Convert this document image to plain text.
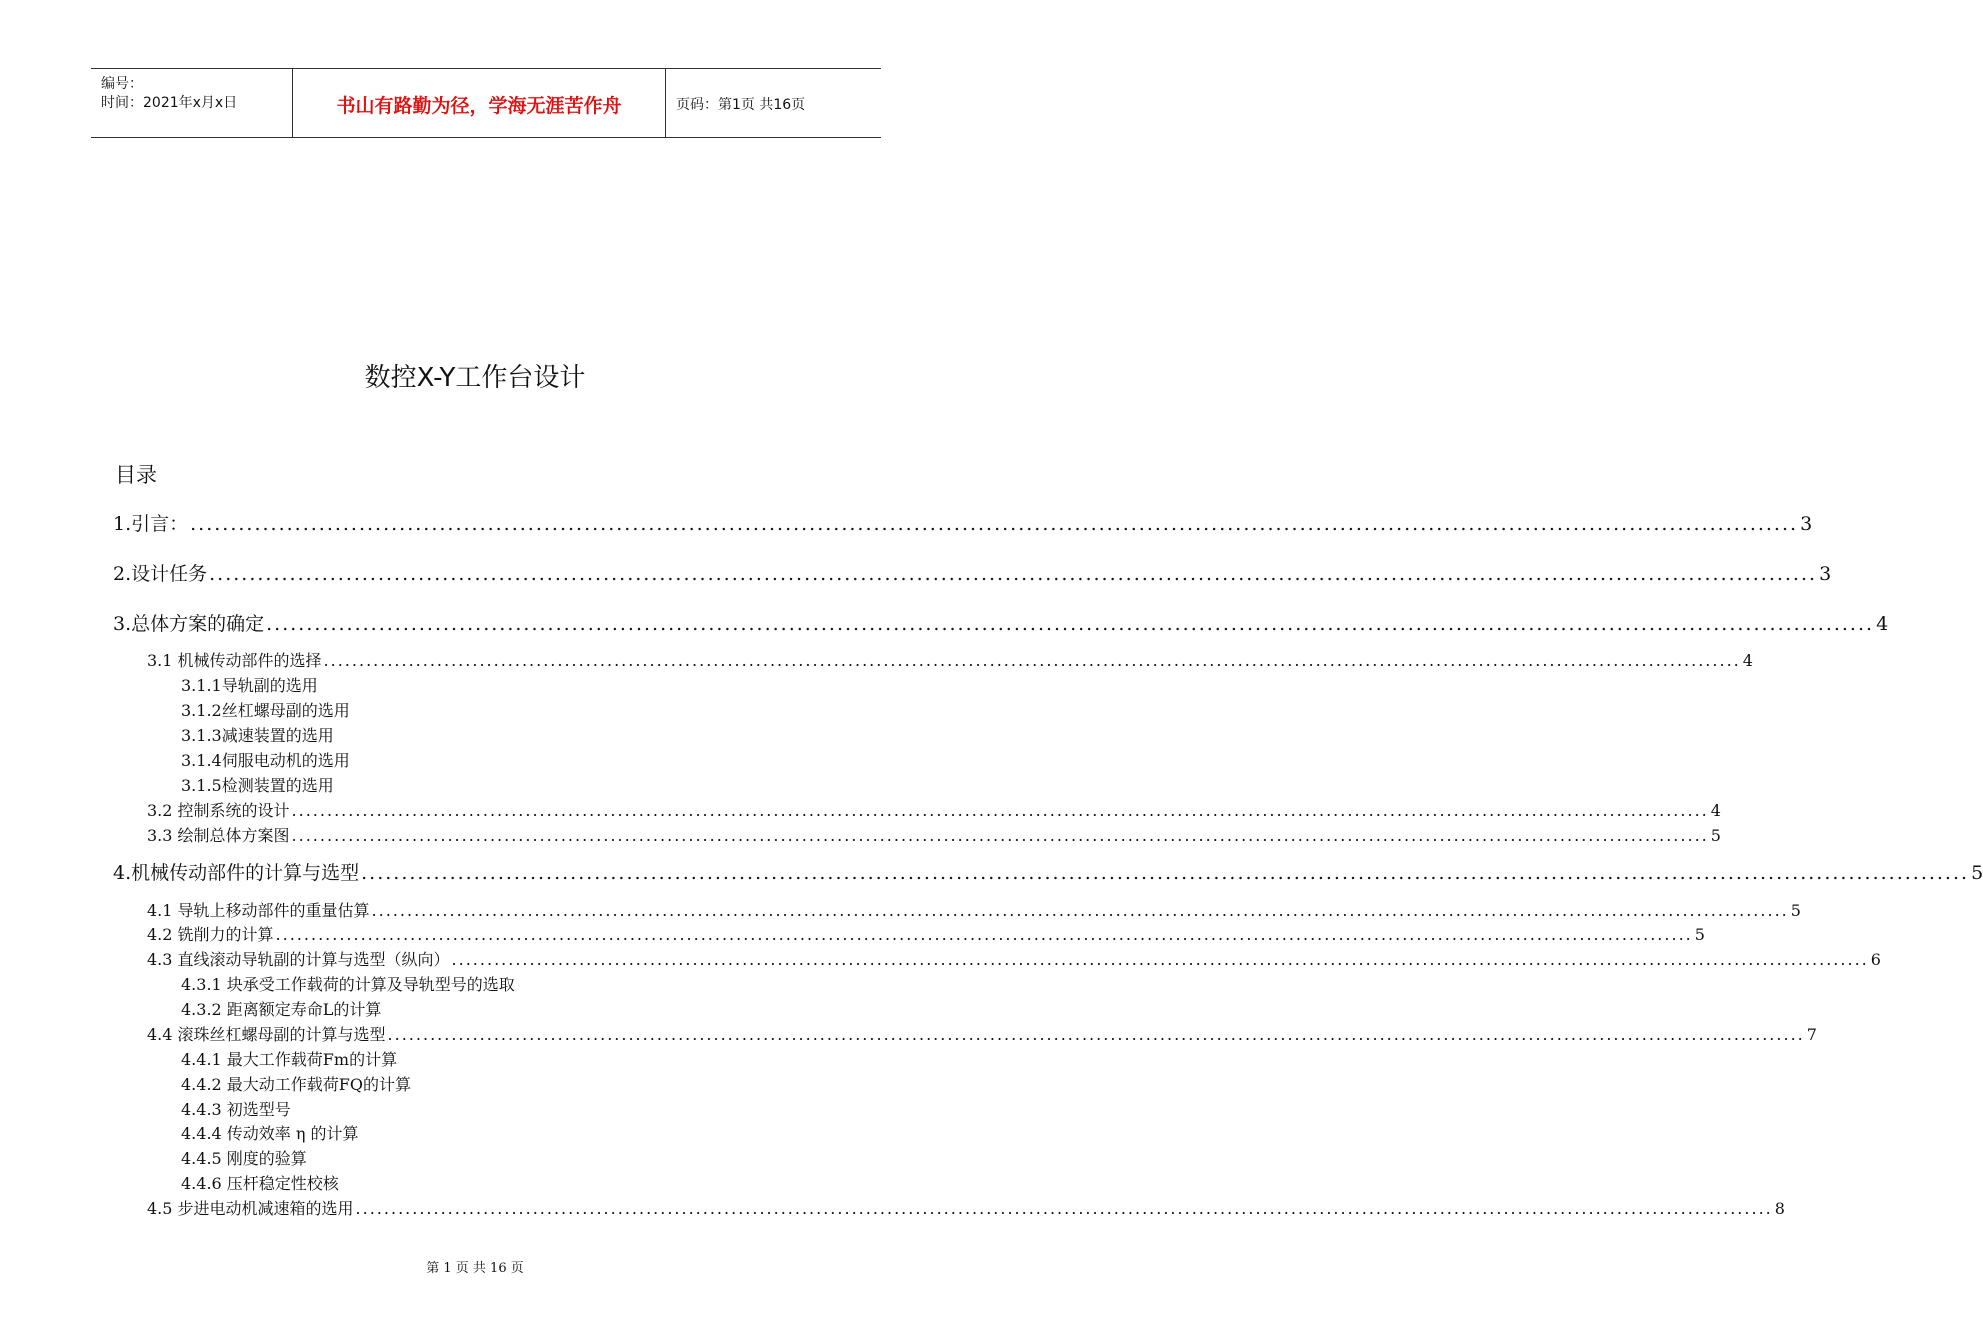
编号：
时间：2021年x月x日	书山有路勤为径，学海无涯苦作舟	页码：第1页 共16页
数控X-Y工作台设计
目录
1.引言： ........................................................................................................................................................................................................ 3
2.设计任务 ........................................................................................................................................................................................................ 3
3.总体方案的确定 ........................................................................................................................................................................................................ 4
3.1 机械传动部件的选择 ........................................................................................................................................................................................................ 4
3.1.1导轨副的选用
3.1.2丝杠螺母副的选用
3.1.3减速装置的选用
3.1.4伺服电动机的选用
3.1.5检测装置的选用
3.2 控制系统的设计 ........................................................................................................................................................................................................ 4
3.3 绘制总体方案图 ........................................................................................................................................................................................................ 5
4.机械传动部件的计算与选型 ........................................................................................................................................................................................................ 5
4.1 导轨上移动部件的重量估算 ........................................................................................................................................................................................................ 5
4.2 铣削力的计算 ........................................................................................................................................................................................................ 5
4.3 直线滚动导轨副的计算与选型（纵向） ........................................................................................................................................................................................................ 6
4.3.1 块承受工作载荷的计算及导轨型号的选取
4.3.2 距离额定寿命L的计算
4.4 滚珠丝杠螺母副的计算与选型 ........................................................................................................................................................................................................ 7
4.4.1 最大工作载荷Fm的计算
4.4.2 最大动工作载荷FQ的计算
4.4.3 初选型号
4.4.4 传动效率 η 的计算
4.4.5 刚度的验算
4.4.6 压杆稳定性校核
4.5 步进电动机减速箱的选用 ........................................................................................................................................................................................................ 8
第 1 页 共 16 页
